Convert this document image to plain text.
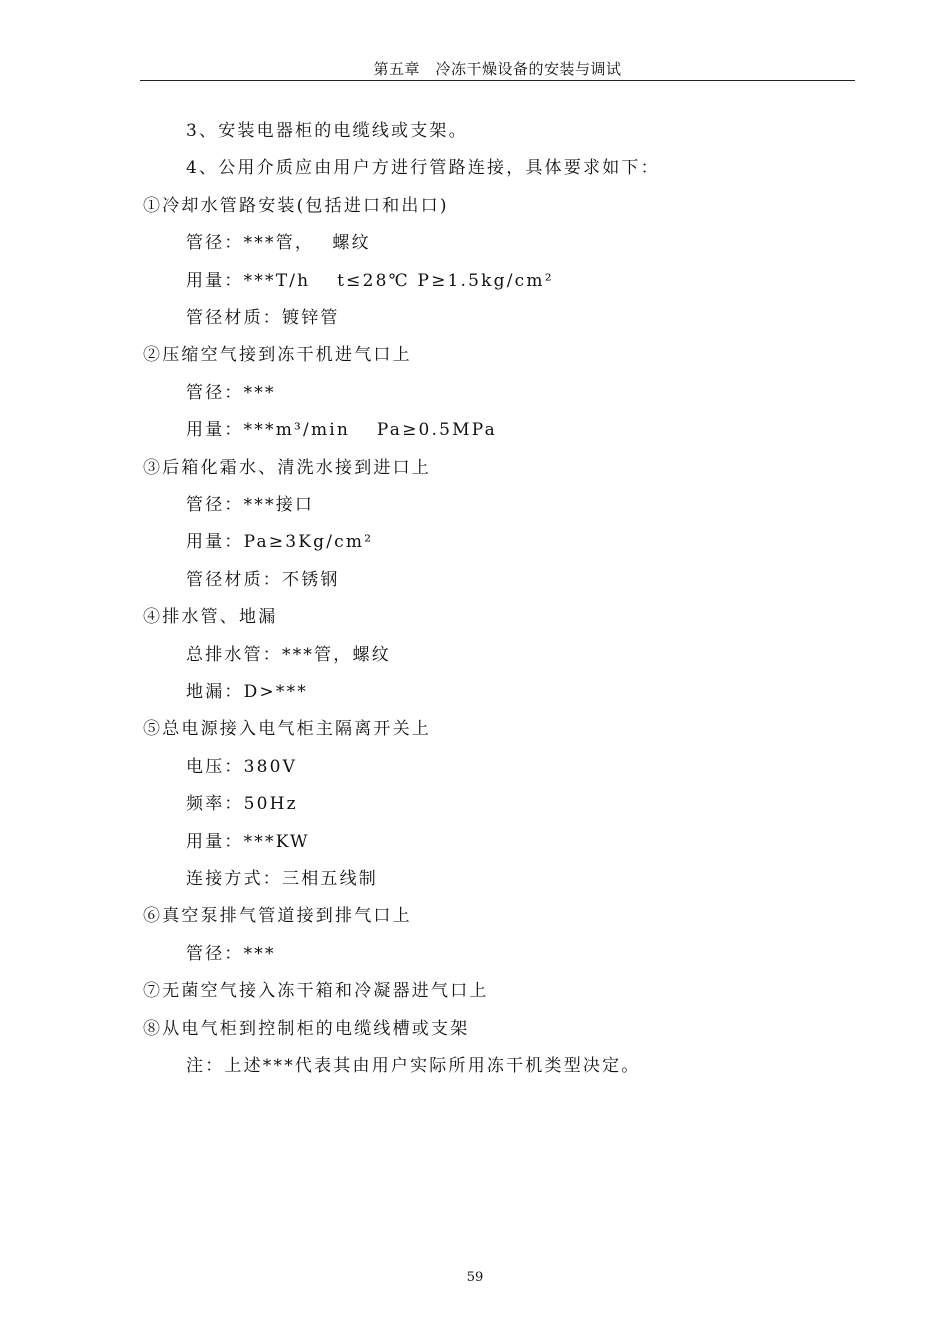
第五章　冷冻干燥设备的安装与调试
3、安装电器柜的电缆线或支架。
4、公用介质应由用户方进行管路连接，具体要求如下：
①冷却水管路安装(包括进口和出口)
管径：***管，　 螺纹
用量：***T/h　 t≤28℃ P≥1.5kg/cm²
管径材质：镀锌管
②压缩空气接到冻干机进气口上
管径：***
用量：***m³/min　 Pa≥0.5MPa
③后箱化霜水、清洗水接到进口上
管径：***接口
用量：Pa≥3Kg/cm²
管径材质：不锈钢
④排水管、地漏
总排水管：***管，螺纹
地漏：D>***
⑤总电源接入电气柜主隔离开关上
电压：380V
频率：50Hz
用量：***KW
连接方式：三相五线制
⑥真空泵排气管道接到排气口上
管径：***
⑦无菌空气接入冻干箱和冷凝器进气口上
⑧从电气柜到控制柜的电缆线槽或支架
注：上述***代表其由用户实际所用冻干机类型决定。
59
